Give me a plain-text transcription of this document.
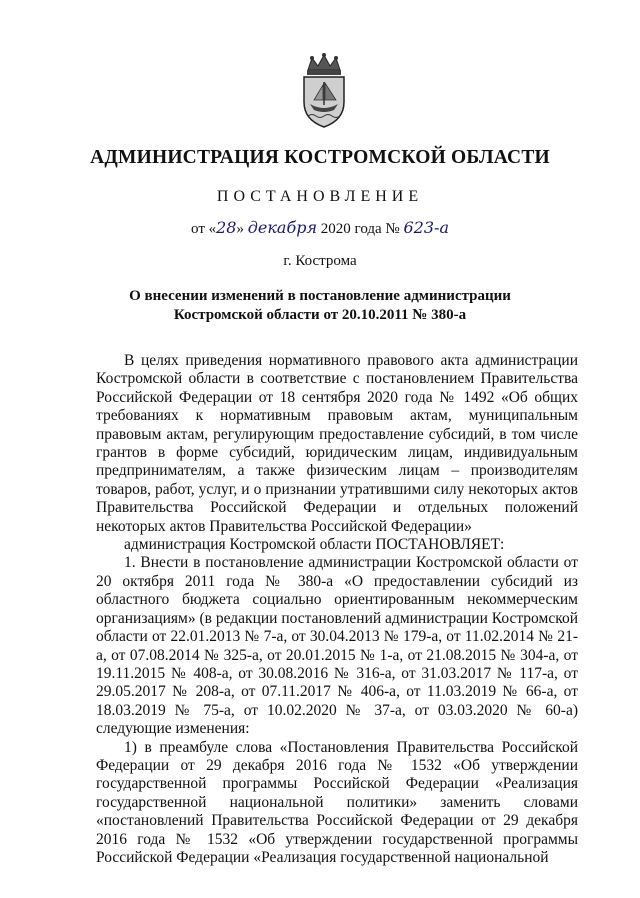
АДМИНИСТРАЦИЯ КОСТРОМСКОЙ ОБЛАСТИ
ПОСТАНОВЛЕНИЕ
от «28» декабря 2020 года № 623-а
г. Кострома
О внесении изменений в постановление администрации
Костромской области от 20.10.2011 № 380-а

В целях приведения нормативного правового акта администрации Костромской области в соответствие с постановлением Правительства Российской Федерации от 18 сентября 2020 года № 1492 «Об общих требованиях к нормативным правовым актам, муниципальным правовым актам, регулирующим предоставление субсидий, в том числе грантов в форме субсидий, юридическим лицам, индивидуальным предпринимателям, а также физическим лицам – производителям товаров, работ, услуг, и о признании утратившими силу некоторых актов Правительства Российской Федерации и отдельных положений некоторых актов Правительства Российской Федерации»

администрация Костромской области ПОСТАНОВЛЯЕТ:

1. Внести в постановление администрации Костромской области от 20 октября 2011 года № 380-а «О предоставлении субсидий из областного бюджета социально ориентированным некоммерческим организациям» (в редакции постановлений администрации Костромской области от 22.01.2013 № 7-а, от 30.04.2013 № 179-а, от 11.02.2014 № 21-а, от 07.08.2014 № 325-а, от 20.01.2015 № 1-а, от 21.08.2015 № 304-а, от 19.11.2015 № 408-а, от 30.08.2016 № 316-а, от 31.03.2017 № 117-а, от 29.05.2017 № 208-а, от 07.11.2017 № 406-а, от 11.03.2019 № 66-а, от 18.03.2019 № 75-а, от 10.02.2020 № 37-а, от 03.03.2020 № 60-а) следующие изменения:

1) в преамбуле слова «Постановления Правительства Российской Федерации от 29 декабря 2016 года № 1532 «Об утверждении государственной программы Российской Федерации «Реализация государственной национальной политики» заменить словами «постановлений Правительства Российской Федерации от 29 декабря 2016 года № 1532 «Об утверждении государственной программы Российской Федерации «Реализация государственной национальной
